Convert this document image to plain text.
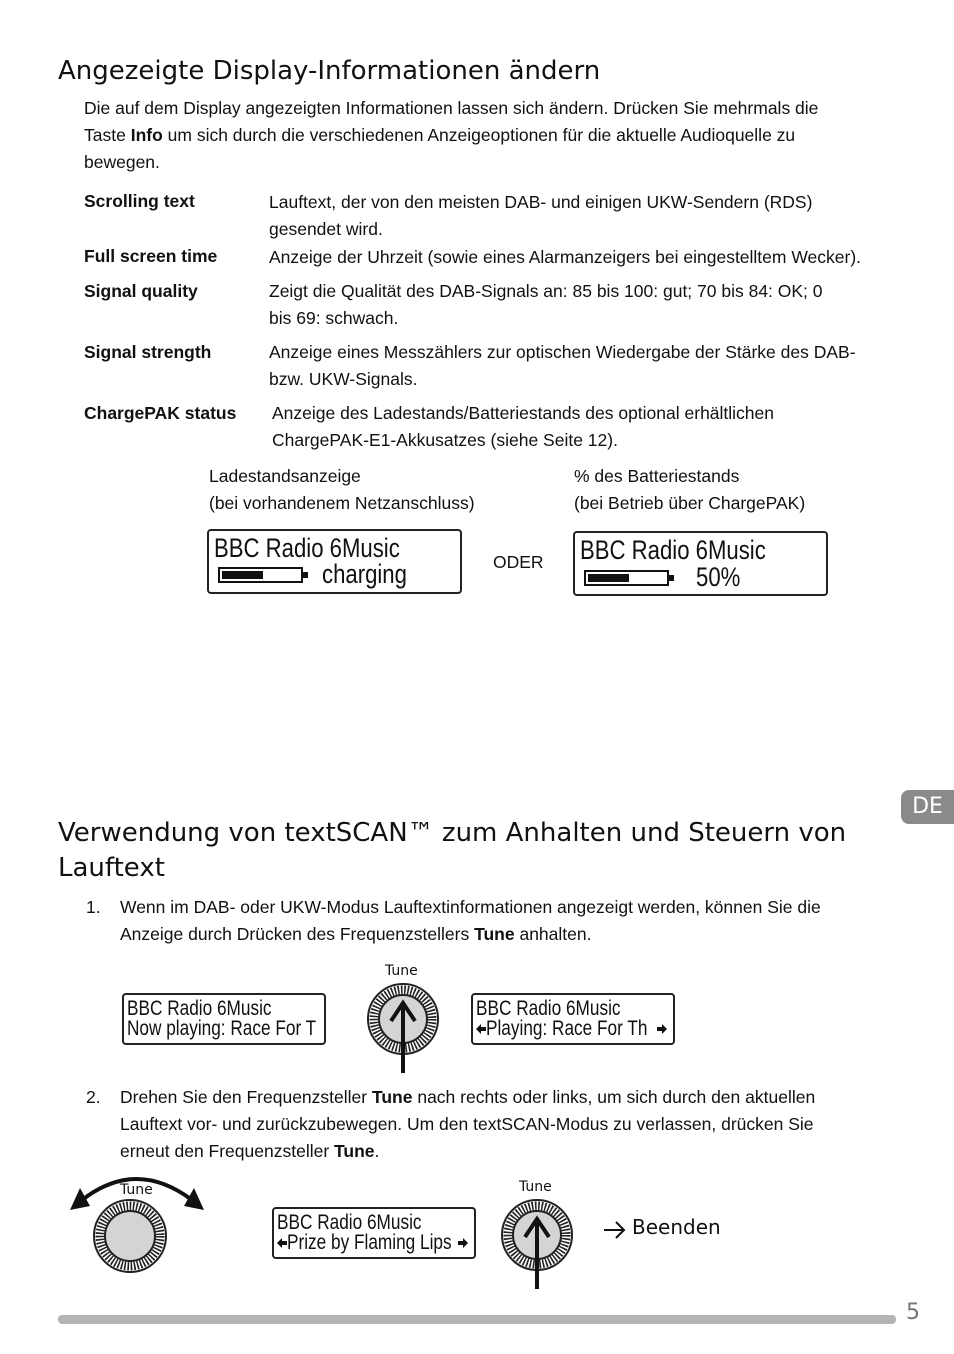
Angezeigte Display-Informationen ändern
Die auf dem Display angezeigten Informationen lassen sich ändern. Drücken Sie mehrmals die
Taste Info um sich durch die verschiedenen Anzeigeoptionen für die aktuelle Audioquelle zu
bewegen.
Scrolling text	Lauftext, der von den meisten DAB- und einigen UKW-Sendern (RDS)
gesendet wird.
Full screen time	Anzeige der Uhrzeit (sowie eines Alarmanzeigers bei eingestelltem Wecker).
Signal quality	Zeigt die Qualität des DAB-Signals an: 85 bis 100: gut; 70 bis 84: OK; 0
bis 69: schwach.
Signal strength	Anzeige eines Messzählers zur optischen Wiedergabe der Stärke des DAB-
bzw. UKW-Signals.
ChargePAK status Anzeige des Ladestands/Batteriestands des optional erhältlichen
ChargePAK-E1-Akkusatzes (siehe Seite 12).
Ladestandsanzeige
(bei vorhandenem Netzanschluss)
% des Batteriestands
(bei Betrieb über ChargePAK)
BBC Radio 6Music
charging	ODER BBC Radio 6Music
50%
DE
Verwendung von textSCAN™ zum Anhalten und Steuern von
Lauftext
1. Wenn im DAB- oder UKW-Modus Lauftextinformationen angezeigt werden, können Sie die
Anzeige durch Drücken des Frequenzstellers Tune anhalten.
BBC Radio 6Music
Now playing: Race For T
Tune
BBC Radio 6Music
Playing: Race For Th
2. Drehen Sie den Frequenzsteller Tune nach rechts oder links, um sich durch den aktuellen
Lauftext vor- und zurückzubewegen. Um den textSCAN-Modus zu verlassen, drücken Sie
erneut den Frequenzsteller Tune.
Tune
BBC Radio 6Music
Prize by Flaming Lips
Tune
Beenden
5
